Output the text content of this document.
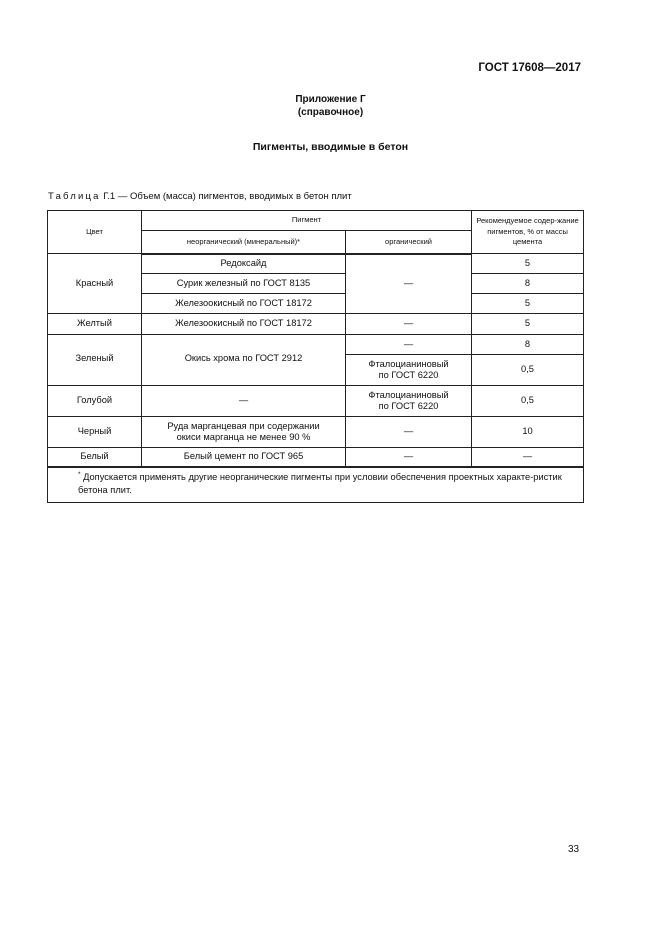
ГОСТ 17608—2017
Приложение Г
(справочное)
Пигменты, вводимые в бетон
Таблица Г.1 — Объем (масса) пигментов, вводимых в бетон плит
Цвет	Пигмент		Рекомендуемое содер-жание пигментов, % от массы цемента
	неорганический (минеральный)*	органический	
Красный	Редоксайд	—	5
	Сурик железный по ГОСТ 8135		8
	Железоокисный по ГОСТ 18172		5
Желтый	Железоокисный по ГОСТ 18172	—	5
Зеленый	Окись хрома по ГОСТ 2912	—	8

		Фталоцианиновый
по ГОСТ 6220	0,5
Голубой	—	Фталоцианиновый
по ГОСТ 6220	0,5
Черный	Руда марганцевая при содержании
окиси марганца не менее 90 %	—	10
Белый	Белый цемент по ГОСТ 965	—	—
* Допускается применять другие неорганические пигменты при условии обеспечения проектных характе-ристик бетона плит.			
33
